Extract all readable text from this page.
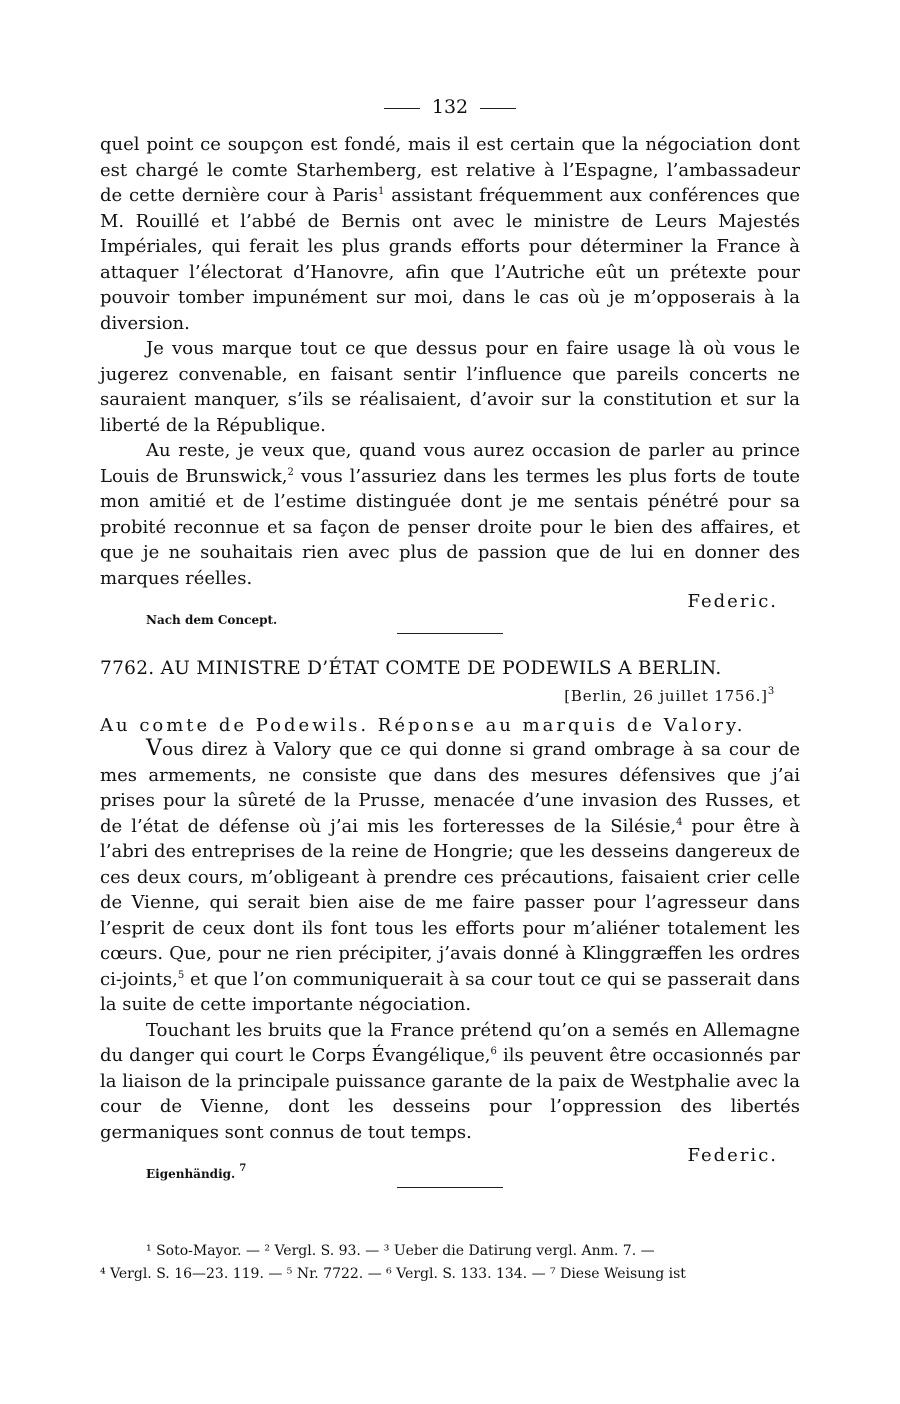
132

quel point ce soupçon est fondé, mais il est certain que la négociation dont est chargé le comte Starhemberg, est relative à l’Espagne, l’ambassadeur de cette dernière cour à Paris$^1$ assistant fréquemment aux conférences que M. Rouillé et l’abbé de Bernis ont avec le ministre de Leurs Majestés Impériales, qui ferait les plus grands efforts pour déterminer la France à attaquer l’électorat d’Hanovre, afin que l’Autriche eût un prétexte pour pouvoir tomber impunément sur moi, dans le cas où je m’opposerais à la diversion.

Je vous marque tout ce que dessus pour en faire usage là où vous le jugerez convenable, en faisant sentir l’influence que pareils concerts ne sauraient manquer, s’ils se réalisaient, d’avoir sur la constitution et sur la liberté de la République.

Au reste, je veux que, quand vous aurez occasion de parler au prince Louis de Brunswick,$^2$ vous l’assuriez dans les termes les plus forts de toute mon amitié et de l’estime distinguée dont je me sentais pénétré pour sa probité reconnue et sa façon de penser droite pour le bien des affaires, et que je ne souhaitais rien avec plus de passion que de lui en donner des marques réelles.

Federic.
Nach dem Concept.
7762. AU MINISTRE D’ÉTAT COMTE DE PODEWILS A BERLIN.
[Berlin, 26 juillet 1756.]$^3$
Au comte de Podewils. Réponse au marquis de Valory.

Vous direz à Valory que ce qui donne si grand ombrage à sa cour de mes armements, ne consiste que dans des mesures défensives que j’ai prises pour la sûreté de la Prusse, menacée d’une invasion des Russes, et de l’état de défense où j’ai mis les forteresses de la Silésie,$^4$ pour être à l’abri des entreprises de la reine de Hongrie; que les desseins dangereux de ces deux cours, m’obligeant à prendre ces précautions, faisaient crier celle de Vienne, qui serait bien aise de me faire passer pour l’agresseur dans l’esprit de ceux dont ils font tous les efforts pour m’aliéner totalement les cœurs. Que, pour ne rien précipiter, j’avais donné à Klinggræffen les ordres ci-joints,$^5$ et que l’on communiquerait à sa cour tout ce qui se passerait dans la suite de cette importante négociation.

Touchant les bruits que la France prétend qu’on a semés en Allemagne du danger qui court le Corps Évangélique,$^6$ ils peuvent être occasionnés par la liaison de la principale puissance garante de la paix de Westphalie avec la cour de Vienne, dont les desseins pour l’oppression des libertés germaniques sont connus de tout temps.

Federic.
Eigenhändig. $^7$
¹ Soto-Mayor. — ² Vergl. S. 93. — ³ Ueber die Datirung vergl. Anm. 7. —
⁴ Vergl. S. 16—23. 119. — ⁵ Nr. 7722. — ⁶ Vergl. S. 133. 134. — ⁷ Diese Weisung ist
